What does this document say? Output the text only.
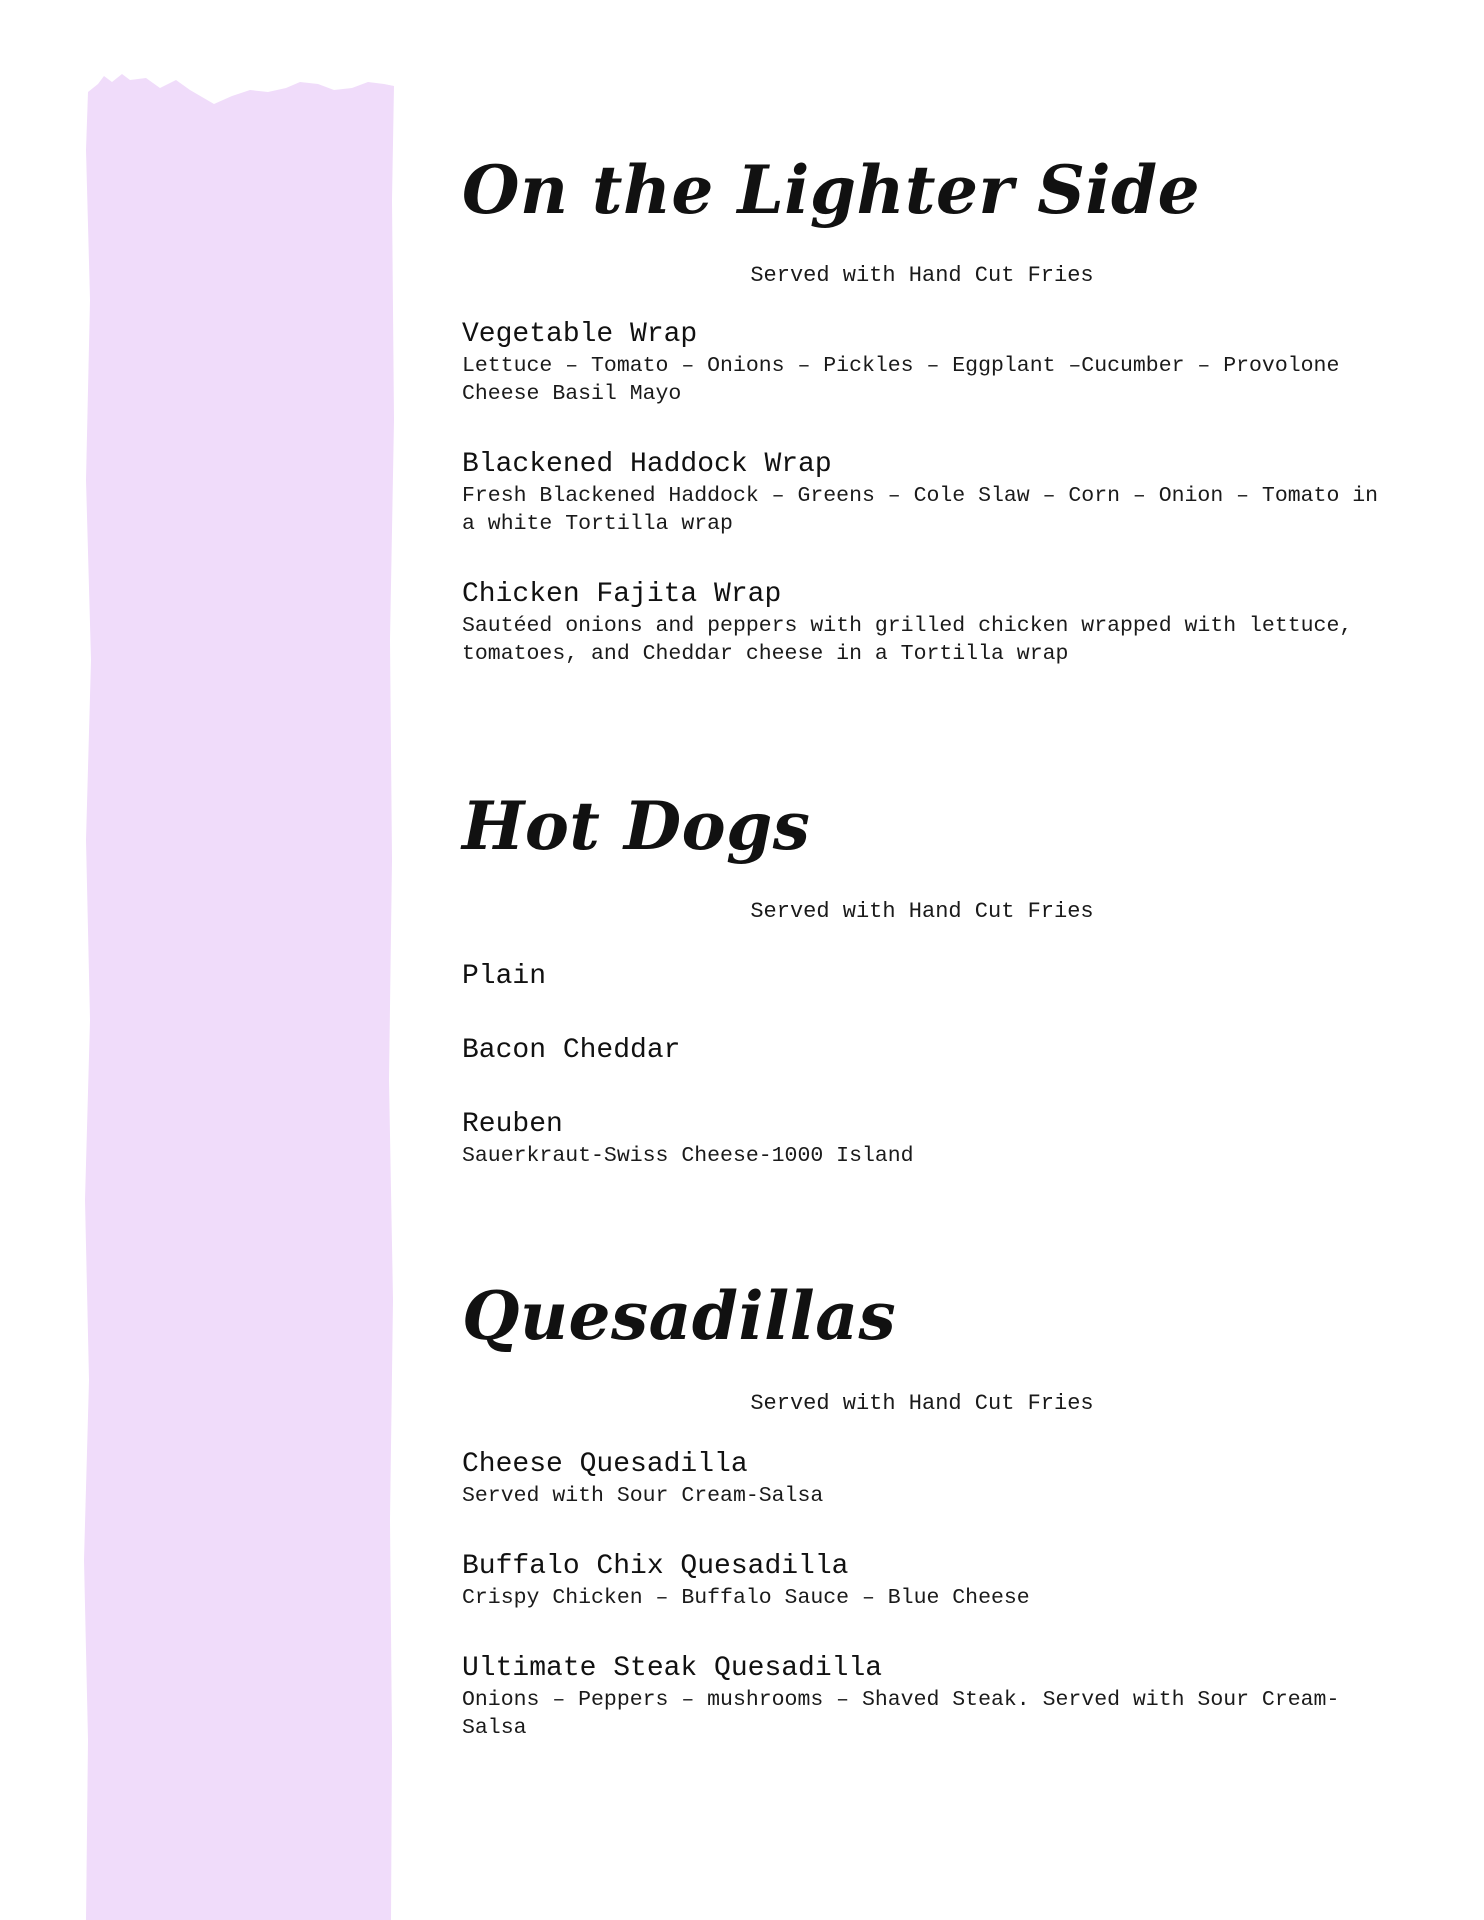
On the Lighter Side

Served with Hand Cut Fries

Vegetable Wrap

Lettuce – Tomato – Onions – Pickles – Eggplant –Cucumber – Provolone Cheese Basil Mayo

Blackened Haddock Wrap

Fresh Blackened Haddock – Greens – Cole Slaw – Corn – Onion – Tomato in a white Tortilla wrap

Chicken Fajita Wrap

Sautéed onions and peppers with grilled chicken wrapped with lettuce, tomatoes, and Cheddar cheese in a Tortilla wrap

Hot Dogs

Served with Hand Cut Fries

Plain

Bacon Cheddar

Reuben

Sauerkraut-Swiss Cheese-1000 Island

Quesadillas

Served with Hand Cut Fries

Cheese Quesadilla

Served with Sour Cream-Salsa

Buffalo Chix Quesadilla

Crispy Chicken – Buffalo Sauce – Blue Cheese

Ultimate Steak Quesadilla

Onions – Peppers – mushrooms – Shaved Steak. Served with Sour Cream-Salsa
